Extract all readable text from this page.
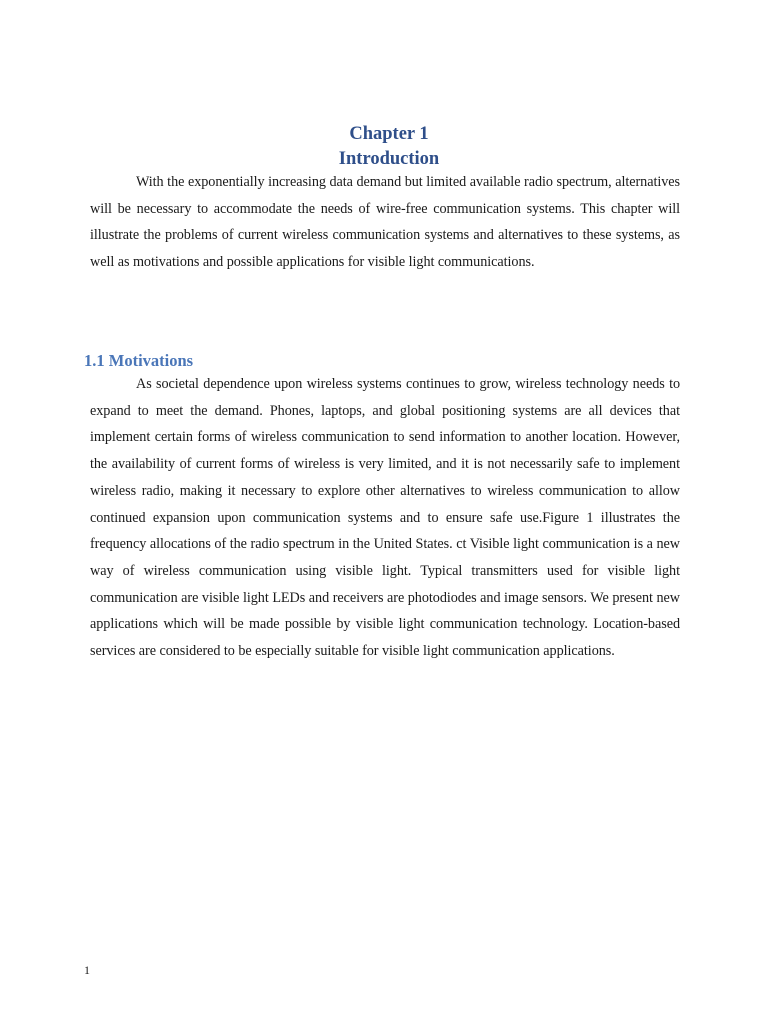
Chapter 1
Introduction

With the exponentially increasing data demand but limited available radio spectrum, alternatives will be necessary to accommodate the needs of wire-free communication systems. This chapter will illustrate the problems of current wireless communication systems and alternatives to these systems, as well as motivations and possible applications for visible light communications.

1.1 Motivations

As societal dependence upon wireless systems continues to grow, wireless technology needs to expand to meet the demand. Phones, laptops, and global positioning systems are all devices that implement certain forms of wireless communication to send information to another location. However, the availability of current forms of wireless is very limited, and it is not necessarily safe to implement wireless radio, making it necessary to explore other alternatives to wireless communication to allow continued expansion upon communication systems and to ensure safe use.Figure 1 illustrates the frequency allocations of the radio spectrum in the United States. ct Visible light communication is a new way of wireless communication using visible light. Typical transmitters used for visible light communication are visible light LEDs and receivers are photodiodes and image sensors. We present new applications which will be made possible by visible light communication technology. Location-based services are considered to be especially suitable for visible light communication applications.

1
